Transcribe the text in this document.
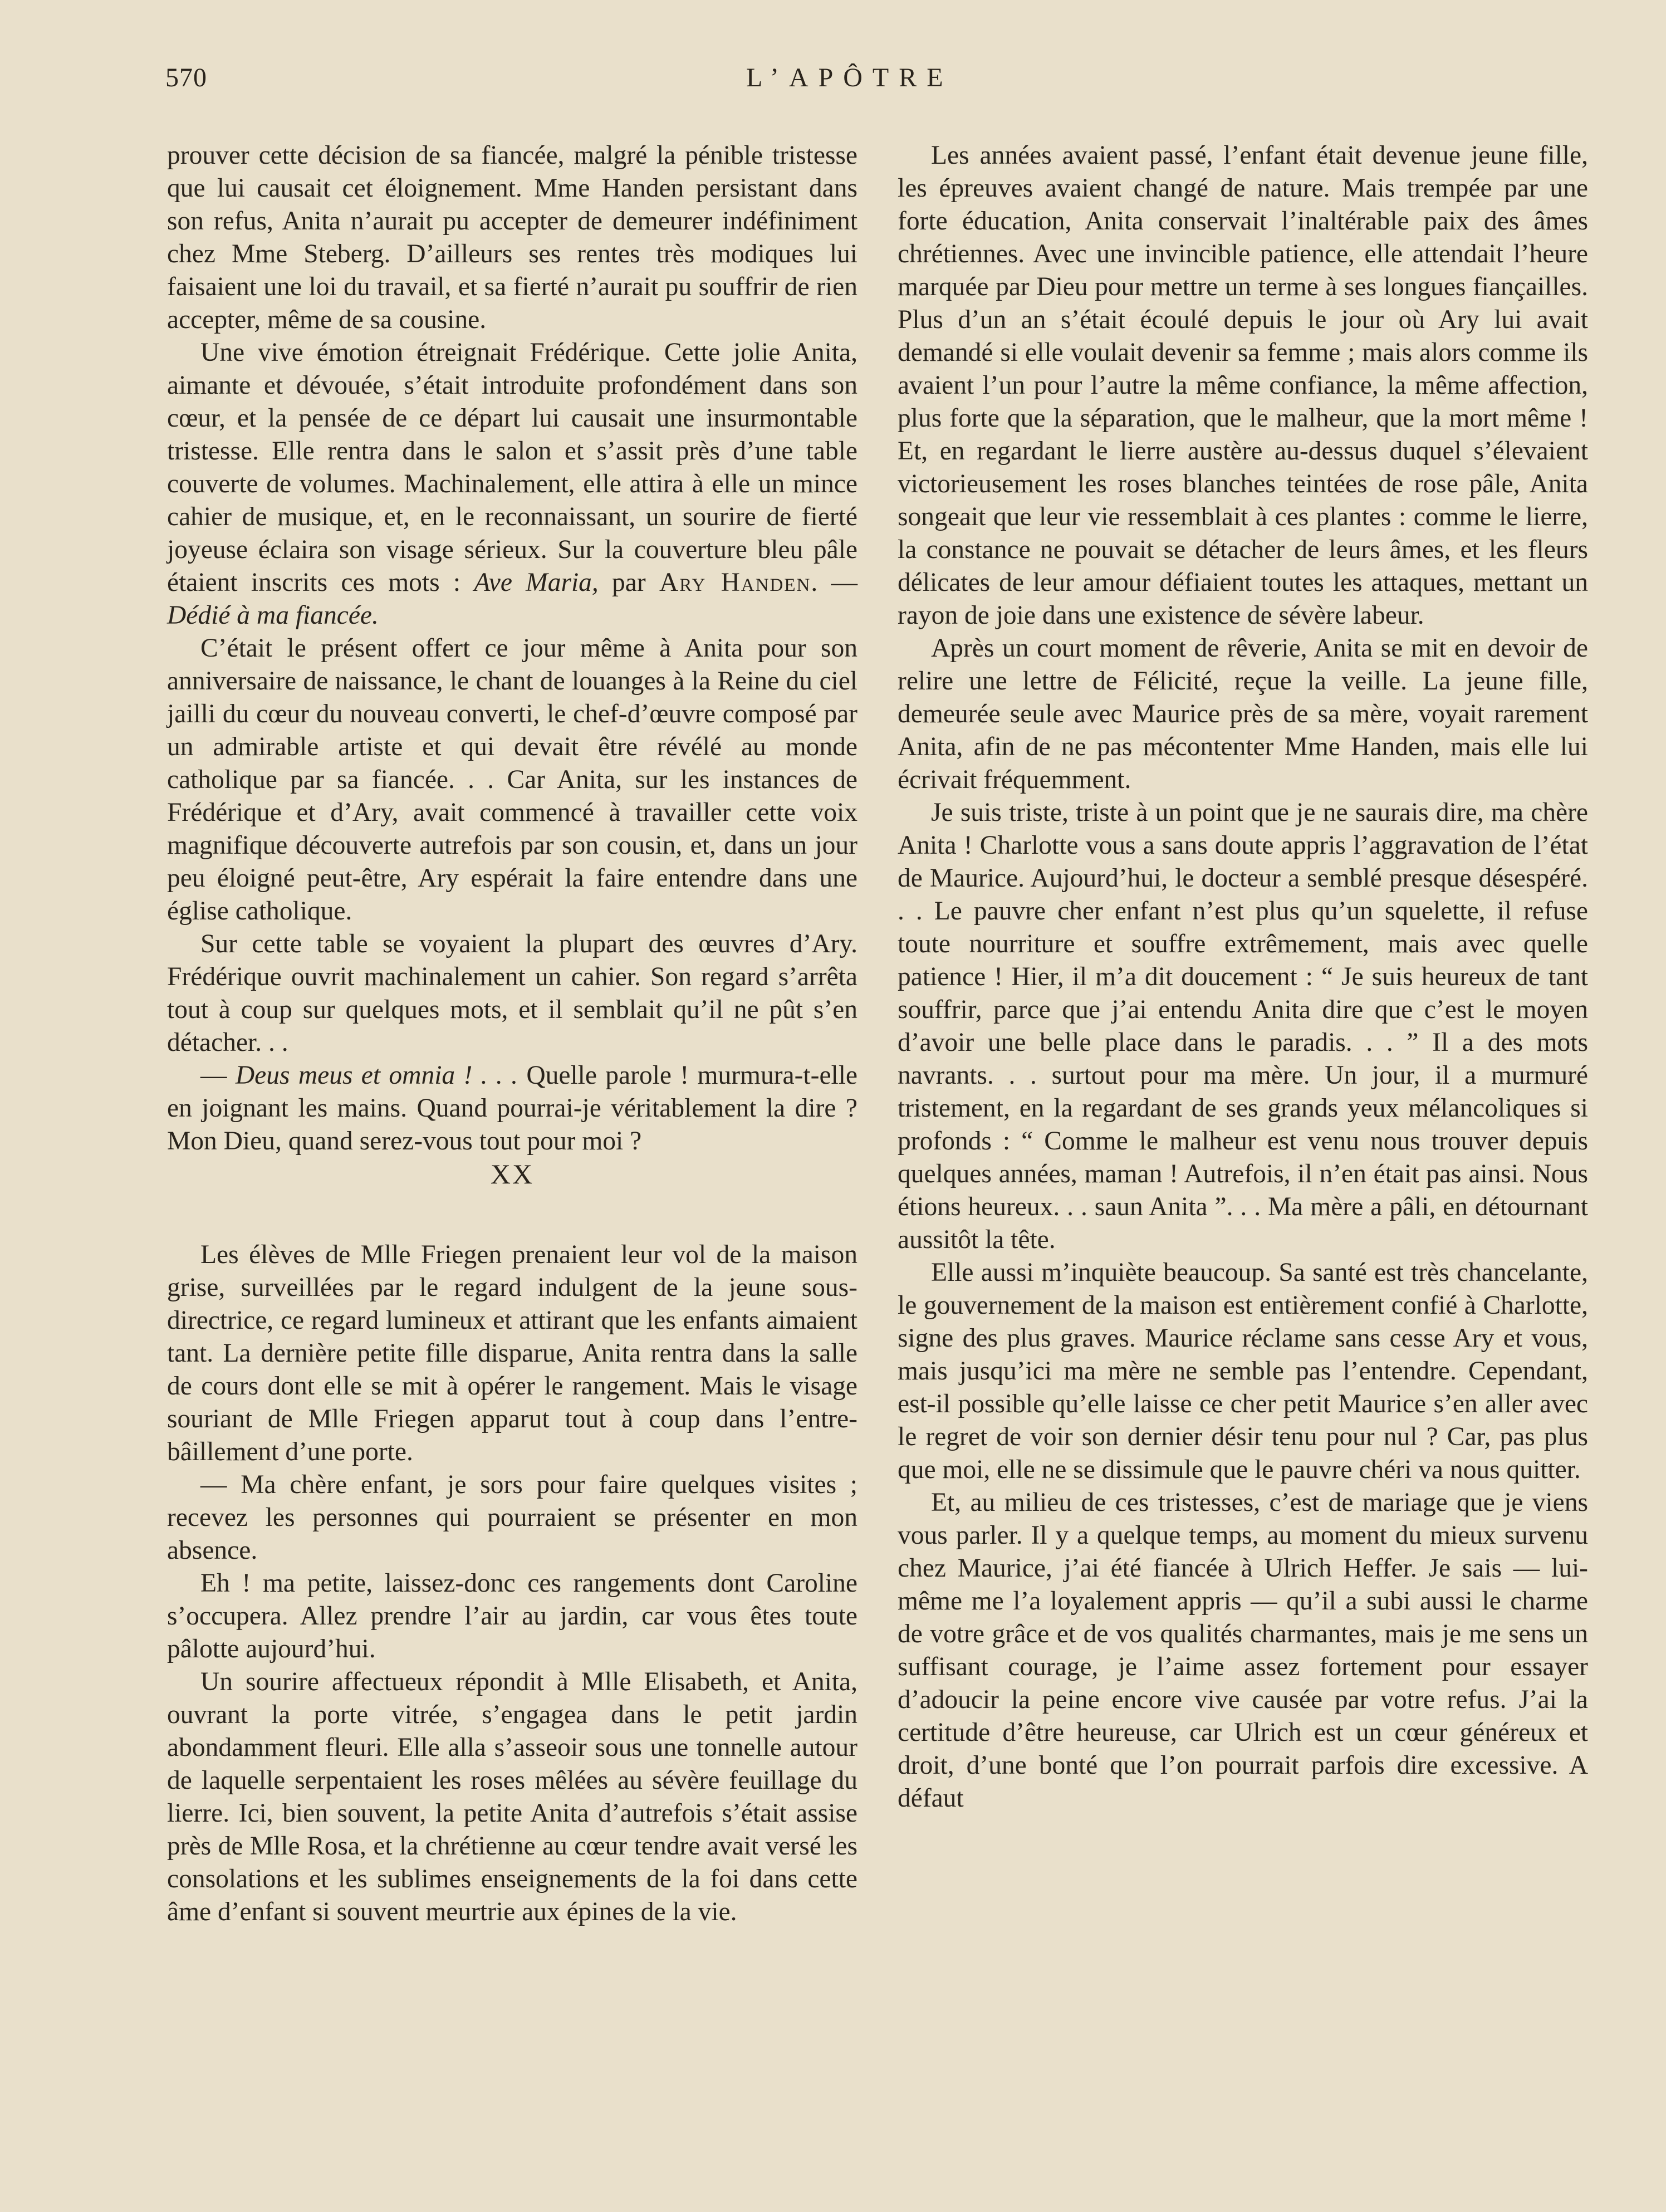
570	L’APÔTRE

prouver cette décision de sa fiancée, malgré la pénible tristesse que lui causait cet éloignement. Mme Handen persistant dans son refus, Anita n’aurait pu accepter de demeurer indéfiniment chez Mme Steberg. D’ailleurs ses rentes très modiques lui faisaient une loi du travail, et sa fierté n’aurait pu souffrir de rien accepter, même de sa cousine.

Une vive émotion étreignait Frédérique. Cette jolie Anita, aimante et dévouée, s’était introduite profondément dans son cœur, et la pensée de ce départ lui causait une insurmontable tristesse. Elle rentra dans le salon et s’assit près d’une table couverte de volumes. Machinalement, elle attira à elle un mince cahier de musique, et, en le reconnaissant, un sourire de fierté joyeuse éclaira son visage sérieux. Sur la couverture bleu pâle étaient inscrits ces mots : Ave Maria, par Ary Handen. — Dédié à ma fiancée.

C’était le présent offert ce jour même à Anita pour son anniversaire de naissance, le chant de louanges à la Reine du ciel jailli du cœur du nouveau converti, le chef-d’œuvre composé par un admirable artiste et qui devait être révélé au monde catholique par sa fiancée. . . Car Anita, sur les instances de Frédérique et d’Ary, avait commencé à travailler cette voix magnifique découverte autrefois par son cousin, et, dans un jour peu éloigné peut-être, Ary espérait la faire entendre dans une église catholique.

Sur cette table se voyaient la plupart des œuvres d’Ary. Frédérique ouvrit machinalement un cahier. Son regard s’arrêta tout à coup sur quelques mots, et il semblait qu’il ne pût s’en détacher. . .

— Deus meus et omnia ! . . . Quelle parole ! murmura-t-elle en joignant les mains. Quand pourrai-je véritablement la dire ? Mon Dieu, quand serez-vous tout pour moi ?

XX

Les élèves de Mlle Friegen prenaient leur vol de la maison grise, surveillées par le regard indulgent de la jeune sous-directrice, ce regard lumineux et attirant que les enfants aimaient tant. La dernière petite fille disparue, Anita rentra dans la salle de cours dont elle se mit à opérer le rangement. Mais le visage souriant de Mlle Friegen apparut tout à coup dans l’entre-bâillement d’une porte.

— Ma chère enfant, je sors pour faire quelques visites ; recevez les personnes qui pourraient se présenter en mon absence.

Eh ! ma petite, laissez-donc ces rangements dont Caroline s’occupera. Allez prendre l’air au jardin, car vous êtes toute pâlotte aujourd’hui.

Un sourire affectueux répondit à Mlle Elisabeth, et Anita, ouvrant la porte vitrée, s’engagea dans le petit jardin abondamment fleuri. Elle alla s’asseoir sous une tonnelle autour de laquelle serpentaient les roses mêlées au sévère feuillage du lierre. Ici, bien souvent, la petite Anita d’autrefois s’était assise près de Mlle Rosa, et la chrétienne au cœur tendre avait versé les consolations et les sublimes enseignements de la foi dans cette âme d’enfant si souvent meurtrie aux épines de la vie.

Les années avaient passé, l’enfant était devenue jeune fille, les épreuves avaient changé de nature. Mais trempée par une forte éducation, Anita conservait l’inaltérable paix des âmes chrétiennes. Avec une invincible patience, elle attendait l’heure marquée par Dieu pour mettre un terme à ses longues fiançailles. Plus d’un an s’était écoulé depuis le jour où Ary lui avait demandé si elle voulait devenir sa femme ; mais alors comme ils avaient l’un pour l’autre la même confiance, la même affection, plus forte que la séparation, que le malheur, que la mort même ! Et, en regardant le lierre austère au-dessus duquel s’élevaient victorieusement les roses blanches teintées de rose pâle, Anita songeait que leur vie ressemblait à ces plantes : comme le lierre, la constance ne pouvait se détacher de leurs âmes, et les fleurs délicates de leur amour défiaient toutes les attaques, mettant un rayon de joie dans une existence de sévère labeur.

Après un court moment de rêverie, Anita se mit en devoir de relire une lettre de Félicité, reçue la veille. La jeune fille, demeurée seule avec Maurice près de sa mère, voyait rarement Anita, afin de ne pas mécontenter Mme Handen, mais elle lui écrivait fréquemment.

Je suis triste, triste à un point que je ne saurais dire, ma chère Anita ! Charlotte vous a sans doute appris l’aggravation de l’état de Maurice. Aujourd’hui, le docteur a semblé presque désespéré. . . Le pauvre cher enfant n’est plus qu’un squelette, il refuse toute nourriture et souffre extrêmement, mais avec quelle patience ! Hier, il m’a dit doucement : “ Je suis heureux de tant souffrir, parce que j’ai entendu Anita dire que c’est le moyen d’avoir une belle place dans le paradis. . . ” Il a des mots navrants. . . surtout pour ma mère. Un jour, il a murmuré tristement, en la regardant de ses grands yeux mélancoliques si profonds : “ Comme le malheur est venu nous trouver depuis quelques années, maman ! Autrefois, il n’en était pas ainsi. Nous étions heureux. . . saun Anita ”. . . Ma mère a pâli, en détournant aussitôt la tête.

Elle aussi m’inquiète beaucoup. Sa santé est très chancelante, le gouvernement de la maison est entièrement confié à Charlotte, signe des plus graves. Maurice réclame sans cesse Ary et vous, mais jusqu’ici ma mère ne semble pas l’entendre. Cependant, est-il possible qu’elle laisse ce cher petit Maurice s’en aller avec le regret de voir son dernier désir tenu pour nul ? Car, pas plus que moi, elle ne se dissimule que le pauvre chéri va nous quitter.

Et, au milieu de ces tristesses, c’est de mariage que je viens vous parler. Il y a quelque temps, au moment du mieux survenu chez Maurice, j’ai été fiancée à Ulrich Heffer. Je sais — lui-même me l’a loyalement appris — qu’il a subi aussi le charme de votre grâce et de vos qualités charmantes, mais je me sens un suffisant courage, je l’aime assez fortement pour essayer d’adoucir la peine encore vive causée par votre refus. J’ai la certitude d’être heureuse, car Ulrich est un cœur généreux et droit, d’une bonté que l’on pourrait parfois dire excessive. A défaut
